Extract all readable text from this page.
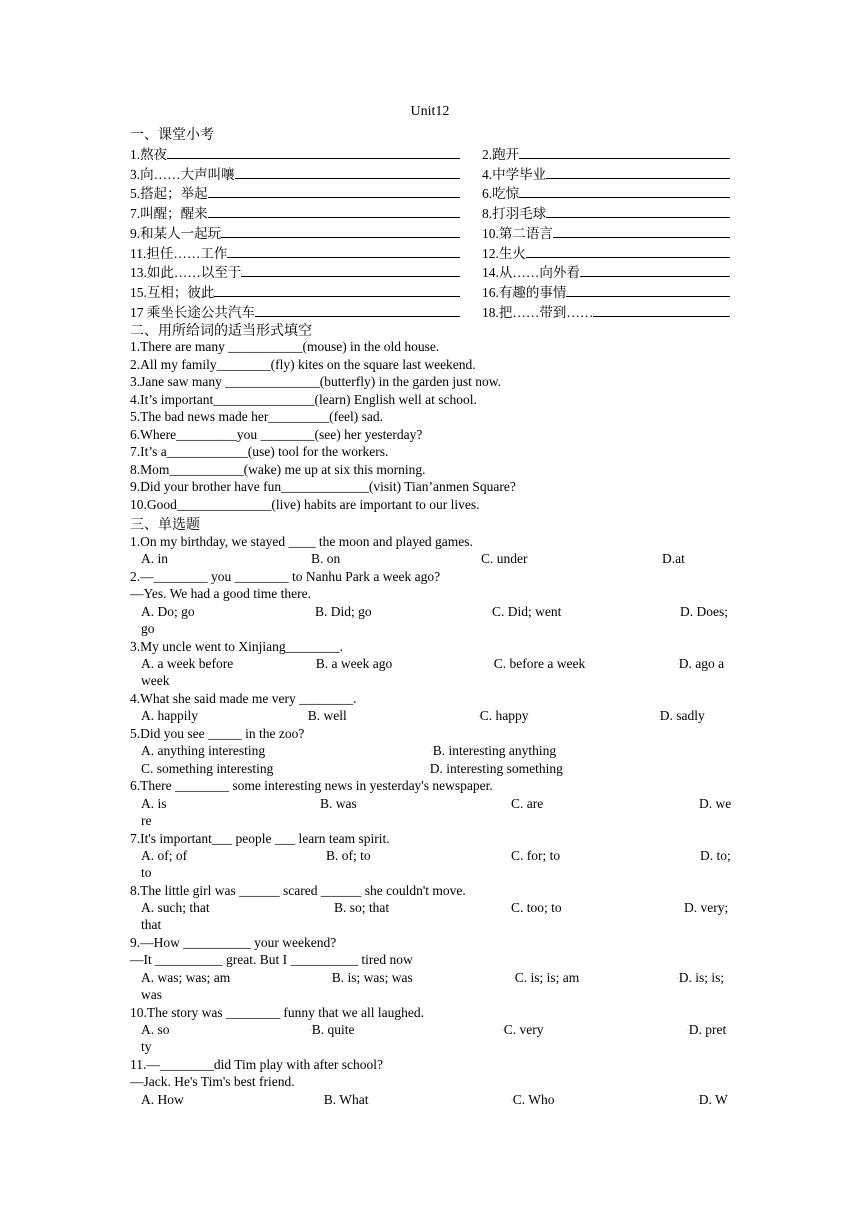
Unit12
一、课堂小考
1.熬夜	2.跑开
3.向……大声叫嚷	4.中学毕业
5.搭起；举起	6.吃惊
7.叫醒；醒来	8.打羽毛球
9.和某人一起玩	10.第二语言
11.担任……工作	12.生火
13.如此……以至于	14.从……向外看
15.互相；彼此	16.有趣的事情
17 乘坐长途公共汽车	18.把……带到……
二、用所给词的适当形式填空
1.There are many ___________(mouse) in the old house.
2.All my family________(fly) kites on the square last weekend.
3.Jane saw many ______________(butterfly) in the garden just now.
4.It’s important_______________(learn) English well at school.
5.The bad news made her_________(feel) sad.
6.Where_________you ________(see) her yesterday?
7.It’s a____________(use) tool for the workers.
8.Mom___________(wake) me up at six this morning.
9.Did your brother have fun_____________(visit) Tian’anmen Square?
10.Good______________(live) habits are important to our lives.
三、单选题
1.On my birthday, we stayed ____ the moon and played games.
A. in	B. on	C. under	D.at
2.—________ you ________ to Nanhu Park a week ago?
—Yes. We had a good time there.
A. Do; go	B. Did; go	C. Did; went	D. Does;
go
3.My uncle went to Xinjiang________.
A. a week before	◦B. a week ago	◦C. before a week	◦D. ago a
week
4.What she said made me very ________.
A. happily	◦B. well	◦C. happy	◦D. sadly
5.Did you see _____ in the zoo?
A. anything interesting	◦B. interesting anything
C. something interesting	◦D. interesting something
6.There ________ some interesting news in yesterday's newspaper.
A. is	B. was	C. are	D. we
re
7.It's important___ people ___ learn team spirit.
A. of; of	B. of; to	C. for; to	D. to;
to
8.The little girl was ______ scared ______ she couldn't move.
A. such; that	B. so; that	C. too; to	D. very;
that
9.—How __________ your weekend?
—It __________ great. But I __________ tired now
A. was; was; am	◦B. is; was; was	◦C. is; is; am	◦D. is; is;
was
10.The story was ________ funny that we all laughed.
A. so	◦B. quite	◦C. very	◦D. pret
ty
11.—________did Tim play with after school?
—Jack. He's Tim's best friend.
A. How	◦B. What	◦C. Who	◦D. W
